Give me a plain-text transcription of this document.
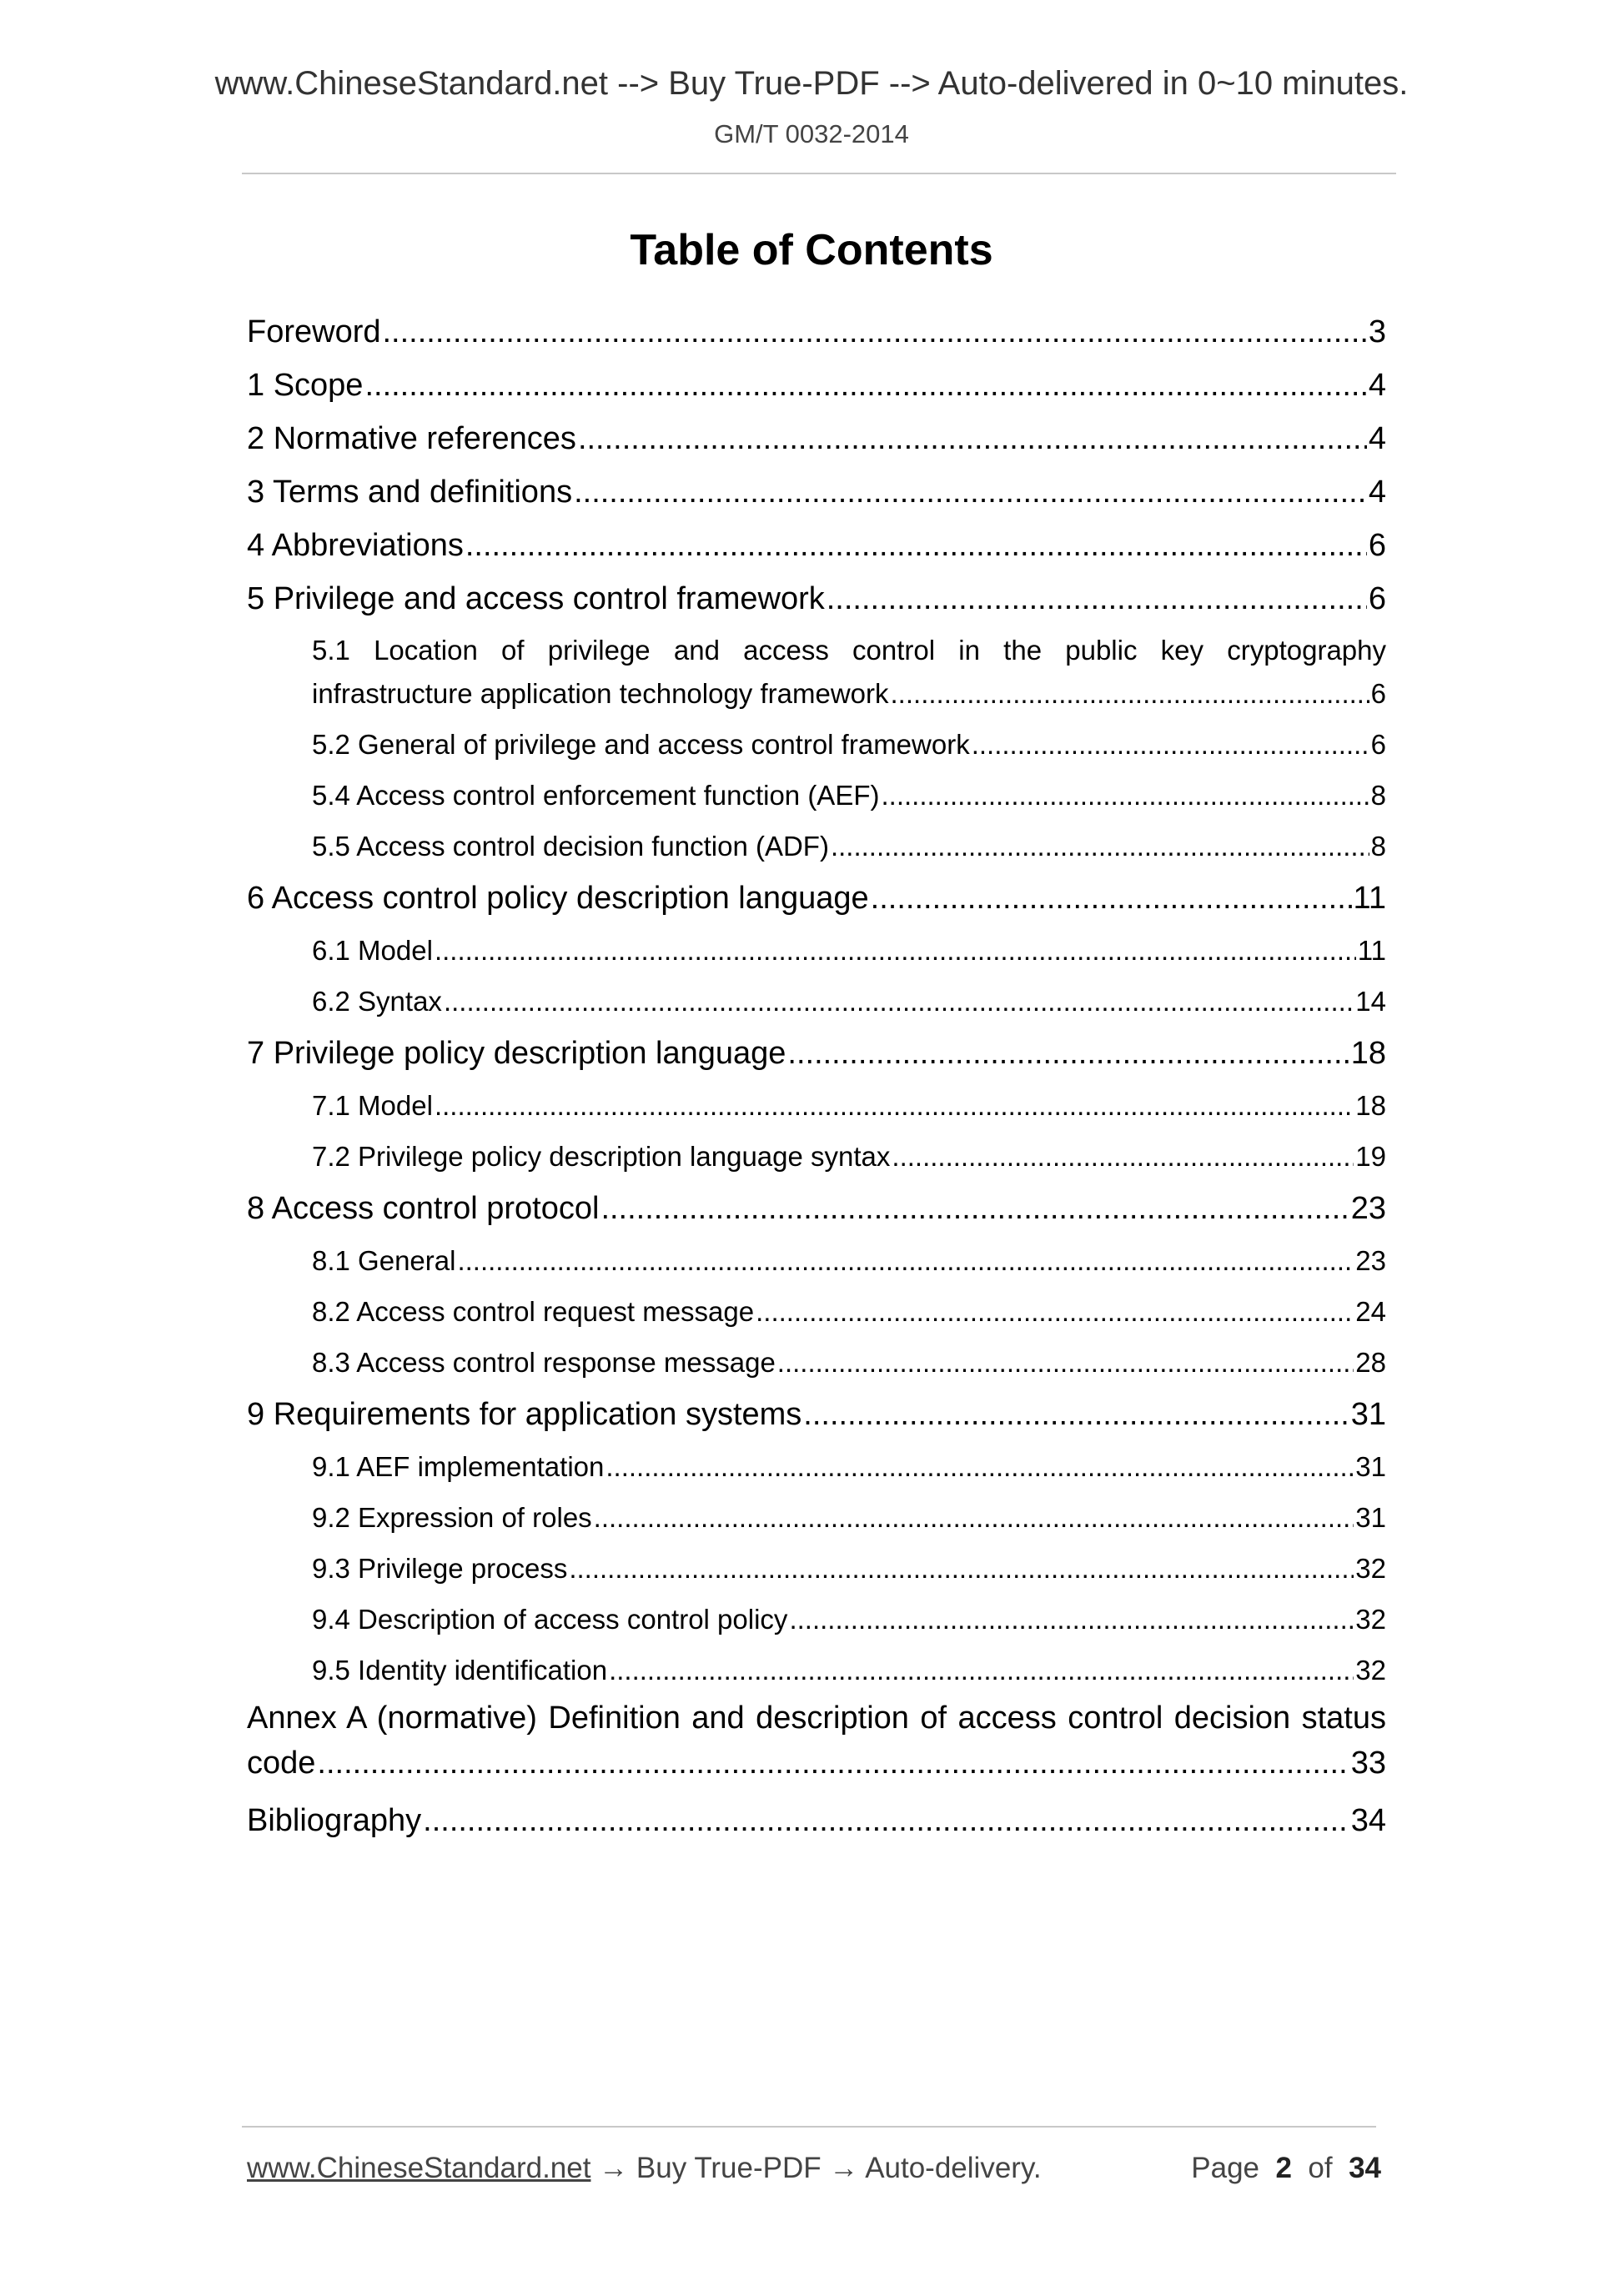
www.ChineseStandard.net --> Buy True-PDF --> Auto-delivered in 0~10 minutes.
GM/T 0032-2014
Table of Contents
Foreword .....	3
1 Scope .....	4
2 Normative references .....	4
3 Terms and definitions .....	4
4 Abbreviations .....	6
5 Privilege and access control framework .....	6
5.1 Location of privilege and access control in the public key cryptography
infrastructure application technology framework .....	6
5.2 General of privilege and access control framework .....	6
5.4 Access control enforcement function (AEF) .....	8
5.5 Access control decision function (ADF) .....	8
6 Access control policy description language .....	11
6.1 Model .....	11
6.2 Syntax .....	14
7 Privilege policy description language .....	18
7.1 Model .....	18
7.2 Privilege policy description language syntax .....	19
8 Access control protocol .....	23
8.1 General .....	23
8.2 Access control request message .....	24
8.3 Access control response message .....	28
9 Requirements for application systems .....	31
9.1 AEF implementation .....	31
9.2 Expression of roles .....	31
9.3 Privilege process .....	32
9.4 Description of access control policy .....	32
9.5 Identity identification .....	32
Annex A (normative) Definition and description of access control decision status
code .....	33
Bibliography .....	34
www.ChineseStandard.net → Buy True-PDF → Auto-delivery.	Page 2 of 34
